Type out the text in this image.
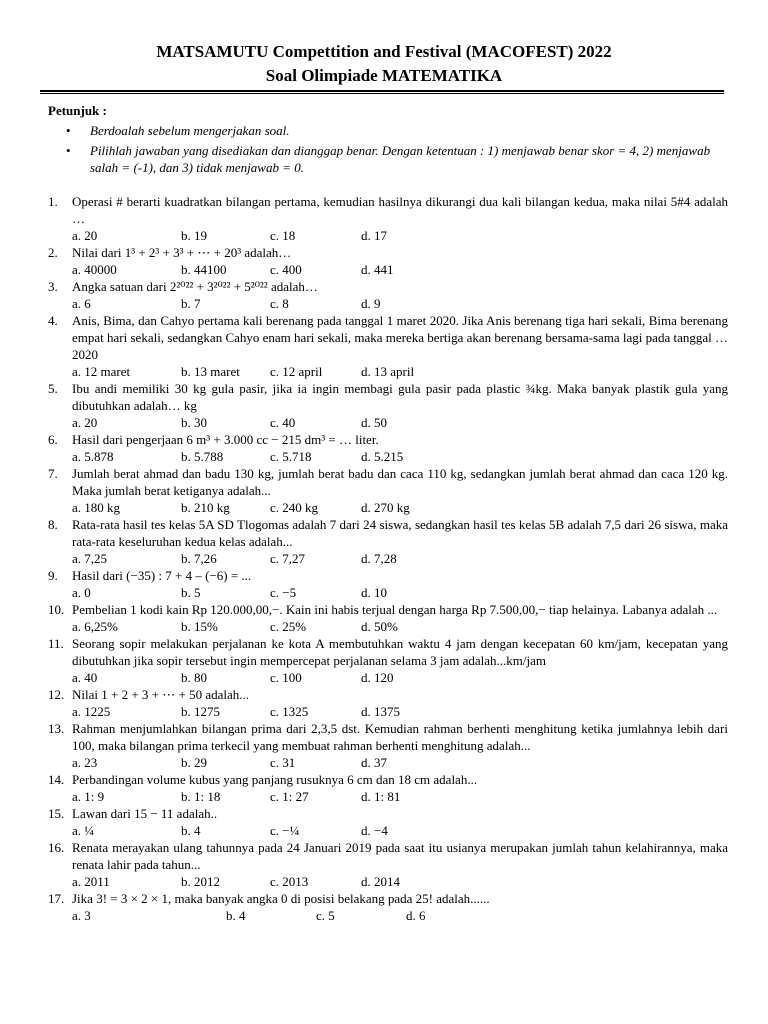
MATSAMUTU Compettition and Festival (MACOFEST) 2022
Soal Olimpiade MATEMATIKA
Petunjuk :
• Berdoalah sebelum mengerjakan soal.
• Pilihlah jawaban yang disediakan dan dianggap benar. Dengan ketentuan : 1) menjawab benar skor = 4, 2) menjawab salah = (-1), dan 3) tidak menjawab = 0.
1. Operasi # berarti kuadratkan bilangan pertama, kemudian hasilnya dikurangi dua kali bilangan kedua, maka nilai 5#4 adalah …
a. 20	b. 19	c. 18	d. 17
2. Nilai dari 1³ + 2³ + 3³ + ⋯ + 20³ adalah…
a. 40000	b. 44100	c. 400	d. 441
3. Angka satuan dari 2²⁰²² + 3²⁰²² + 5²⁰²² adalah…
a. 6	b. 7	c. 8	d. 9
4. Anis, Bima, dan Cahyo pertama kali berenang pada tanggal 1 maret 2020. Jika Anis berenang tiga hari sekali, Bima berenang empat hari sekali, sedangkan Cahyo enam hari sekali, maka mereka bertiga akan berenang bersama-sama lagi pada tanggal …2020
a. 12 maret	b. 13 maret c. 12 april	d. 13 april
5. Ibu andi memiliki 30 kg gula pasir, jika ia ingin membagi gula pasir pada plastic ¾kg. Maka banyak plastik gula yang dibutuhkan adalah… kg
a. 20	b. 30	c. 40	d. 50
6. Hasil dari pengerjaan 6 m³ + 3.000 cc − 215 dm³ = … liter.
a. 5.878	b. 5.788	c. 5.718	d. 5.215
7. Jumlah berat ahmad dan badu 130 kg, jumlah berat badu dan caca 110 kg, sedangkan jumlah berat ahmad dan caca 120 kg. Maka jumlah berat ketiganya adalah...
a. 180 kg	b. 210 kg	c. 240 kg	d. 270 kg
8. Rata-rata hasil tes kelas 5A SD Tlogomas adalah 7 dari 24 siswa, sedangkan hasil tes kelas 5B adalah 7,5 dari 26 siswa, maka rata-rata keseluruhan kedua kelas adalah...
a. 7,25	b. 7,26	c. 7,27	d. 7,28
9. Hasil dari (−35) : 7 + 4 – (−6) = ...
a. 0	b. 5	c. −5	d. 10
10. Pembelian 1 kodi kain Rp 120.000,00,−. Kain ini habis terjual dengan harga Rp 7.500,00,− tiap helainya. Labanya adalah ...
a. 6,25%	b. 15%	c. 25%	d. 50%
11. Seorang sopir melakukan perjalanan ke kota A membutuhkan waktu 4 jam dengan kecepatan 60 km/jam, kecepatan yang dibutuhkan jika sopir tersebut ingin mempercepat perjalanan selama 3 jam adalah...km/jam
a. 40	b. 80	c. 100	d. 120
12. Nilai 1 + 2 + 3 + ⋯ + 50 adalah...
a. 1225	b. 1275	c. 1325	d. 1375
13. Rahman menjumlahkan bilangan prima dari 2,3,5 dst. Kemudian rahman berhenti menghitung ketika jumlahnya lebih dari 100, maka bilangan prima terkecil yang membuat rahman berhenti menghitung adalah...
a. 23	b. 29	c. 31	d. 37
14. Perbandingan volume kubus yang panjang rusuknya 6 cm dan 18 cm adalah...
a. 1: 9	b. 1: 18	c. 1: 27	d. 1: 81
15. Lawan dari 15 − 11 adalah..
a. ¼	b. 4	c. −¼	d. −4
16. Renata merayakan ulang tahunnya pada 24 Januari 2019 pada saat itu usianya merupakan jumlah tahun kelahirannya, maka renata lahir pada tahun...
a. 2011	b. 2012	c. 2013	d. 2014
17. Jika 3! = 3 × 2 × 1, maka banyak angka 0 di posisi belakang pada 25! adalah......
a. 3	b. 4	c. 5	d. 6
